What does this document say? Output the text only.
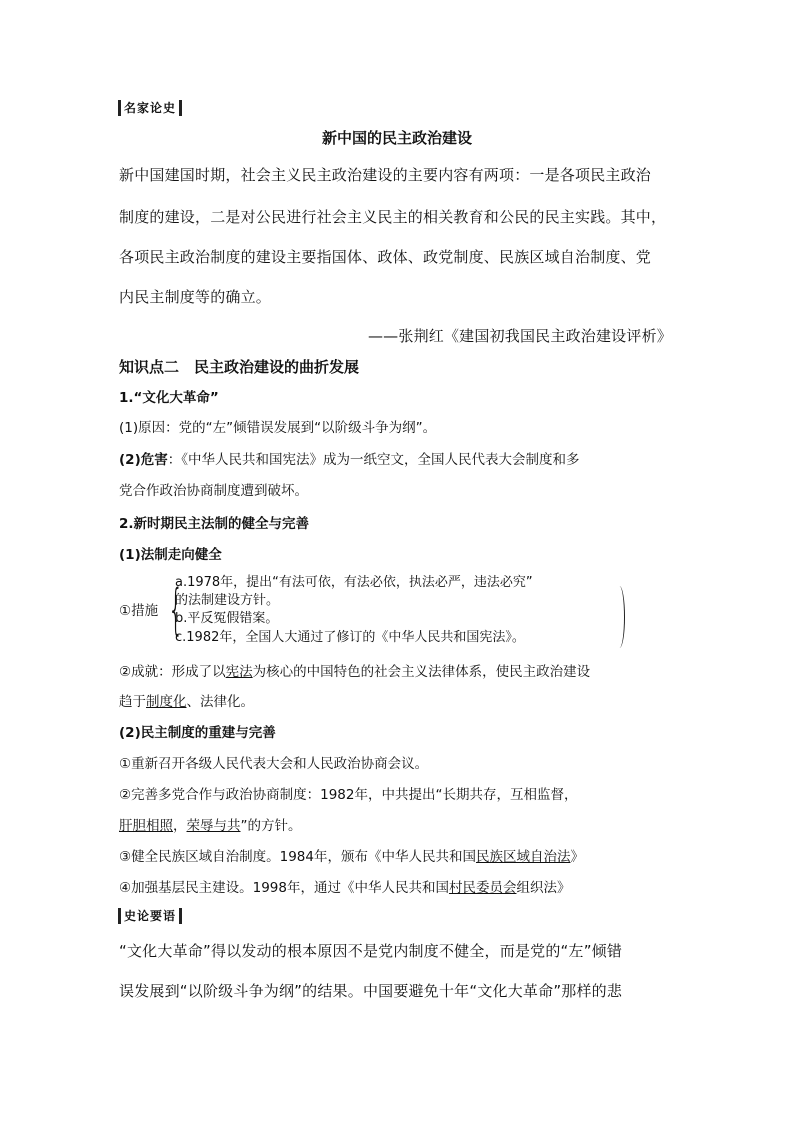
名家论史
新中国的民主政治建设
新中国建国时期，社会主义民主政治建设的主要内容有两项：一是各项民主政治
制度的建设，二是对公民进行社会主义民主的相关教育和公民的民主实践。其中，
各项民主政治制度的建设主要指国体、政体、政党制度、民族区域自治制度、党
内民主制度等的确立。
——张荆红《建国初我国民主政治建设评析》
知识点二　民主政治建设的曲折发展
1.“文化大革命”
(1)原因：党的“左”倾错误发展到“以阶级斗争为纲”。
(2)危害：《中华人民共和国宪法》成为一纸空文，全国人民代表大会制度和多
党合作政治协商制度遭到破坏。
2.新时期民主法制的健全与完善
(1)法制走向健全
①措施 {
a.1978年，提出“有法可依，有法必依，执法必严，违法必究”
的法制建设方针。
b.平反冤假错案。
c.1982年，全国人大通过了修订的《中华人民共和国宪法》。
②成就：形成了以宪法为核心的中国特色的社会主义法律体系，使民主政治建设
趋于制度化、法律化。
(2)民主制度的重建与完善
①重新召开各级人民代表大会和人民政治协商会议。
②完善多党合作与政治协商制度：1982年，中共提出“长期共存，互相监督，
肝胆相照，荣辱与共”的方针。
③健全民族区域自治制度。1984年，颁布《中华人民共和国民族区域自治法》
④加强基层民主建设。1998年，通过《中华人民共和国村民委员会组织法》
史论要语
“文化大革命”得以发动的根本原因不是党内制度不健全，而是党的“左”倾错
误发展到“以阶级斗争为纲”的结果。中国要避免十年“文化大革命”那样的悲
